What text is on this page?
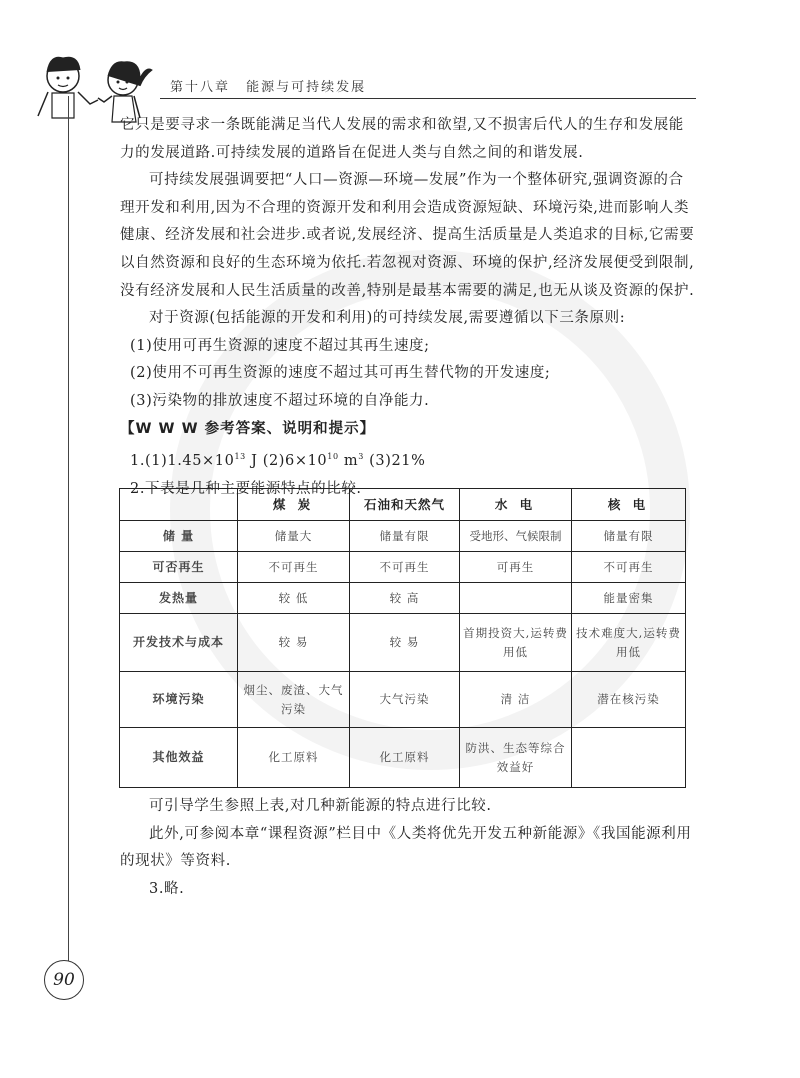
第十八章 能源与可持续发展
90

它只是要寻求一条既能满足当代人发展的需求和欲望,又不损害后代人的生存和发展能力的发展道路.可持续发展的道路旨在促进人类与自然之间的和谐发展.

可持续发展强调要把“人口—资源—环境—发展”作为一个整体研究,强调资源的合理开发和利用,因为不合理的资源开发和利用会造成资源短缺、环境污染,进而影响人类健康、经济发展和社会进步.或者说,发展经济、提高生活质量是人类追求的目标,它需要以自然资源和良好的生态环境为依托.若忽视对资源、环境的保护,经济发展便受到限制,没有经济发展和人民生活质量的改善,特别是最基本需要的满足,也无从谈及资源的保护.

对于资源(包括能源的开发和利用)的可持续发展,需要遵循以下三条原则:

(1)使用可再生资源的速度不超过其再生速度;

(2)使用不可再生资源的速度不超过其可再生替代物的开发速度;

(3)污染物的排放速度不超过环境的自净能力.

【W W W 参考答案、说明和提示】

$1.(1)1.45\times 10^{13}$ J $(2)6\times 10^{10}$ $m^3$ (3)21%

2.下表是几种主要能源特点的比较.

	煤 炭	石油和天然气	水 电	核 电
储 量	储量大	储量有限	受地形、气候限制	储量有限
可否再生	不可再生	不可再生	可再生	不可再生
发热量	较 低	较 高		能量密集
开发技术与成本	较 易	较 易	首期投资大,运转费用低	技术难度大,运转费用低
环境污染	烟尘、废渣、大气污染	大气污染	清 洁	潜在核污染
其他效益	化工原料	化工原料	防洪、生态等综合效益好	

可引导学生参照上表,对几种新能源的特点进行比较.

此外,可参阅本章“课程资源”栏目中《人类将优先开发五种新能源》《我国能源利用的现状》等资料.

3.略.
